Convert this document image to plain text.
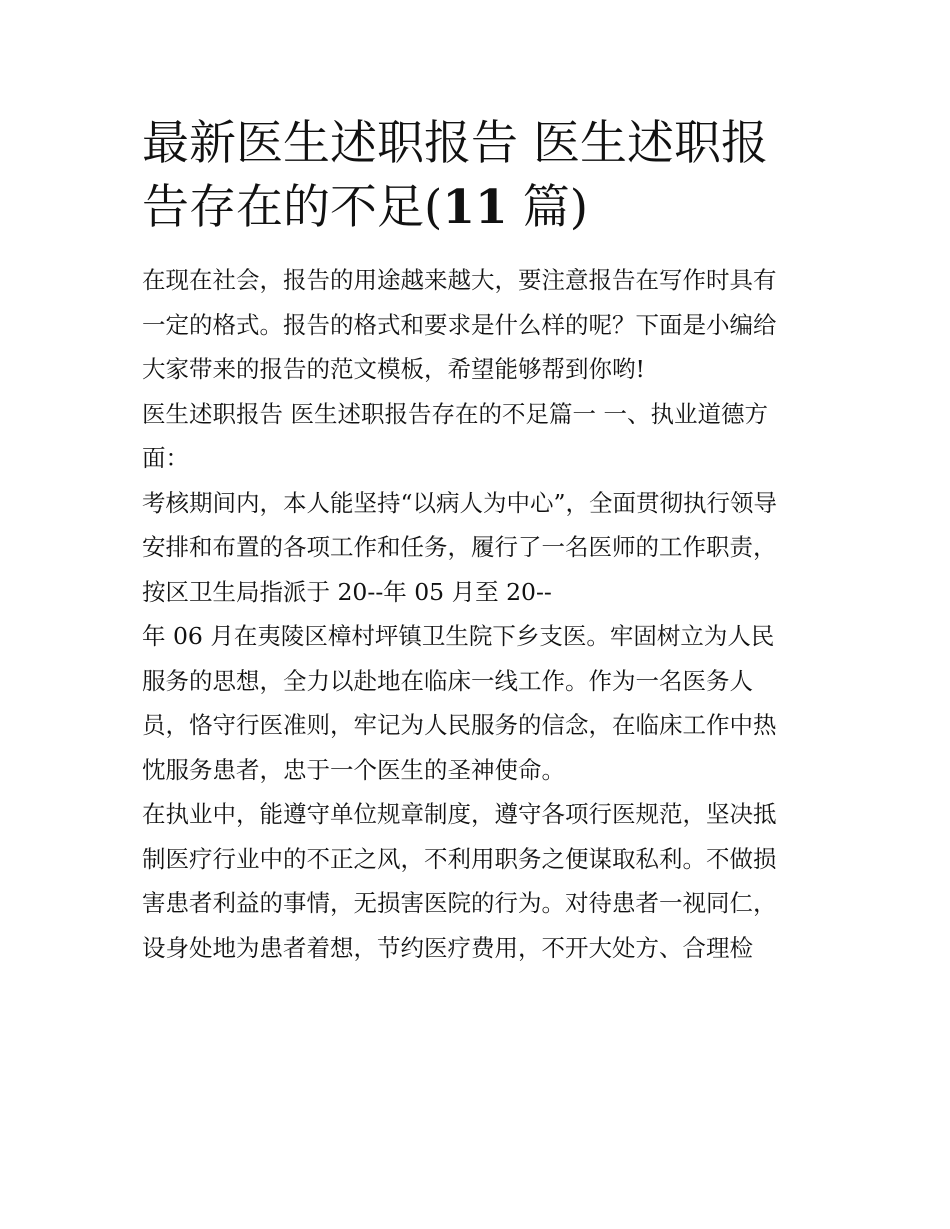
最新医生述职报告 医生述职报
告存在的不足(11 篇)

在现在社会，报告的用途越来越大，要注意报告在写作时具有
一定的格式。报告的格式和要求是什么样的呢？下面是小编给
大家带来的报告的范文模板，希望能够帮到你哟!

医生述职报告 医生述职报告存在的不足篇一 一、执业道德方
面：

考核期间内，本人能坚持“以病人为中心”，全面贯彻执行领导
安排和布置的各项工作和任务，履行了一名医师的工作职责，
按区卫生局指派于 20--年 05 月至 20--

年 06 月在夷陵区樟村坪镇卫生院下乡支医。牢固树立为人民
服务的思想，全力以赴地在临床一线工作。作为一名医务人
员，恪守行医准则，牢记为人民服务的信念，在临床工作中热
忱服务患者，忠于一个医生的圣神使命。

在执业中，能遵守单位规章制度，遵守各项行医规范，坚决抵
制医疗行业中的不正之风，不利用职务之便谋取私利。不做损
害患者利益的事情，无损害医院的行为。对待患者一视同仁，
设身处地为患者着想，节约医疗费用，不开大处方、合理检
